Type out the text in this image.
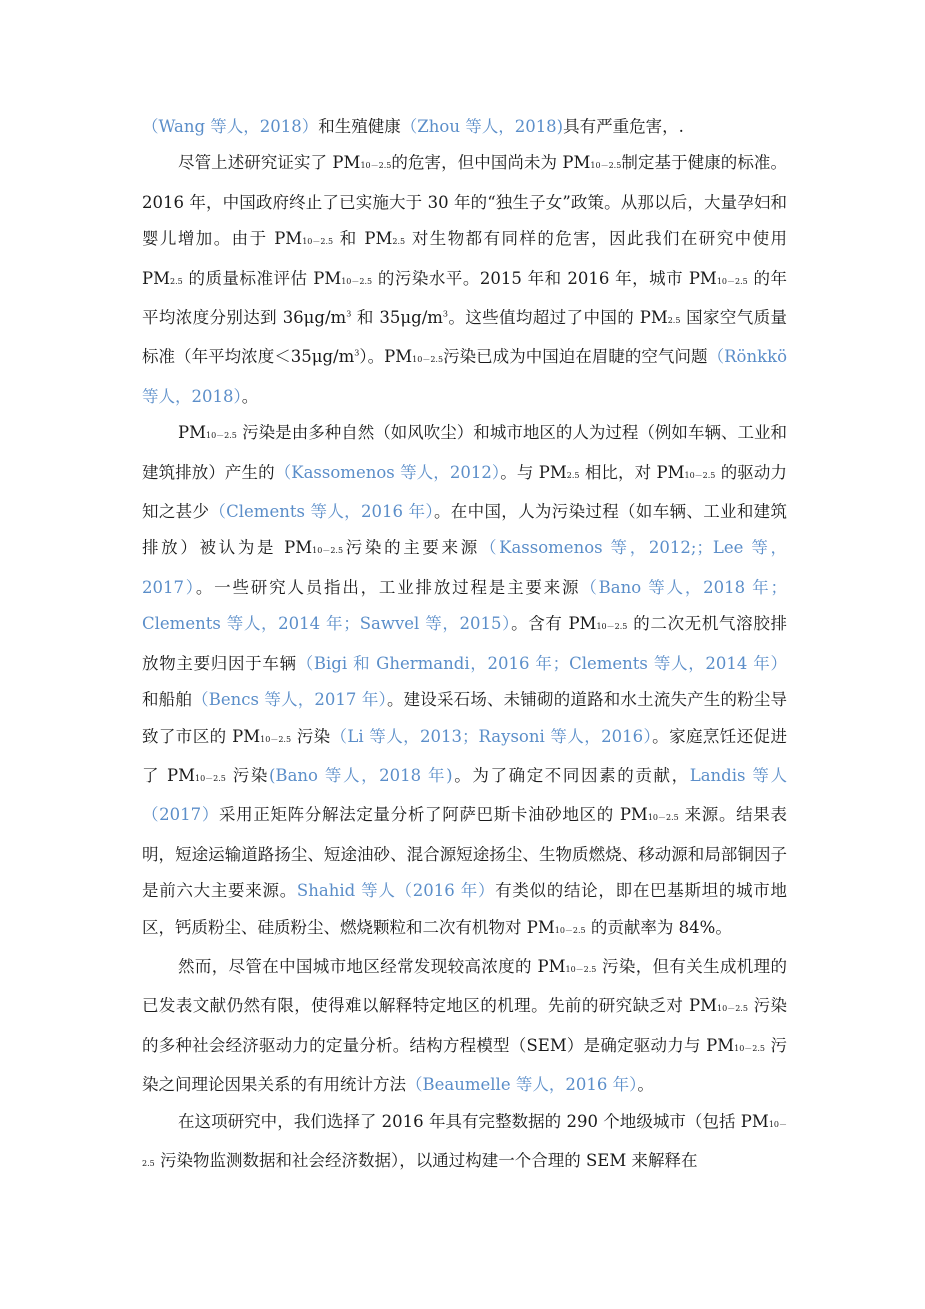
（Wang 等人，2018）和生殖健康（Zhou 等人，2018)具有严重危害，.

尽管上述研究证实了 PM10－2.5的危害，但中国尚未为 PM10－2.5制定基于健康的标准。2016 年，中国政府终止了已实施大于 30 年的“独生子女”政策。从那以后，大量孕妇和婴儿增加。由于 PM10－2.5 和 PM2.5 对生物都有同样的危害，因此我们在研究中使用 PM2.5 的质量标准评估 PM10－2.5 的污染水平。2015 年和 2016 年，城市 PM10－2.5 的年平均浓度分别达到 $36\mu g/m^3$ 和 $35\mu g/m^3$。这些值均超过了中国的 PM2.5 国家空气质量标准（年平均浓度$<35\mu g/m^3$）。PM10－2.5污染已成为中国迫在眉睫的空气问题（Rönkkö 等人，2018）。

PM10－2.5 污染是由多种自然（如风吹尘）和城市地区的人为过程（例如车辆、工业和建筑排放）产生的（Kassomenos 等人，2012）。与 PM2.5 相比，对 PM10－2.5 的驱动力知之甚少（Clements 等人，2016 年）。在中国，人为污染过程（如车辆、工业和建筑排放）被认为是 PM10－2.5污染的主要来源（Kassomenos 等，2012;；Lee 等，2017）。一些研究人员指出，工业排放过程是主要来源（Bano 等人，2018 年；Clements 等人，2014 年；Sawvel 等，2015）。含有 PM10－2.5 的二次无机气溶胶排放物主要归因于车辆（Bigi 和 Ghermandi，2016 年；Clements 等人，2014 年）和船舶（Bencs 等人，2017 年）。建设采石场、未铺砌的道路和水土流失产生的粉尘导致了市区的 PM10－2.5 污染（Li 等人，2013；Raysoni 等人，2016）。家庭烹饪还促进了 PM10－2.5 污染(Bano 等人，2018 年)。为了确定不同因素的贡献，Landis 等人（2017）采用正矩阵分解法定量分析了阿萨巴斯卡油砂地区的 PM10－2.5 来源。结果表明，短途运输道路扬尘、短途油砂、混合源短途扬尘、生物质燃烧、移动源和局部铜因子是前六大主要来源。Shahid 等人（2016 年）有类似的结论，即在巴基斯坦的城市地区，钙质粉尘、硅质粉尘、燃烧颗粒和二次有机物对 PM10－2.5 的贡献率为 84%。

然而，尽管在中国城市地区经常发现较高浓度的 PM10－2.5 污染，但有关生成机理的已发表文献仍然有限，使得难以解释特定地区的机理。先前的研究缺乏对 PM10－2.5 污染的多种社会经济驱动力的定量分析。结构方程模型（SEM）是确定驱动力与 PM10－2.5 污染之间理论因果关系的有用统计方法（Beaumelle 等人，2016 年）。

在这项研究中，我们选择了 2016 年具有完整数据的 290 个地级城市（包括 PM10－2.5 污染物监测数据和社会经济数据），以通过构建一个合理的 SEM 来解释在
